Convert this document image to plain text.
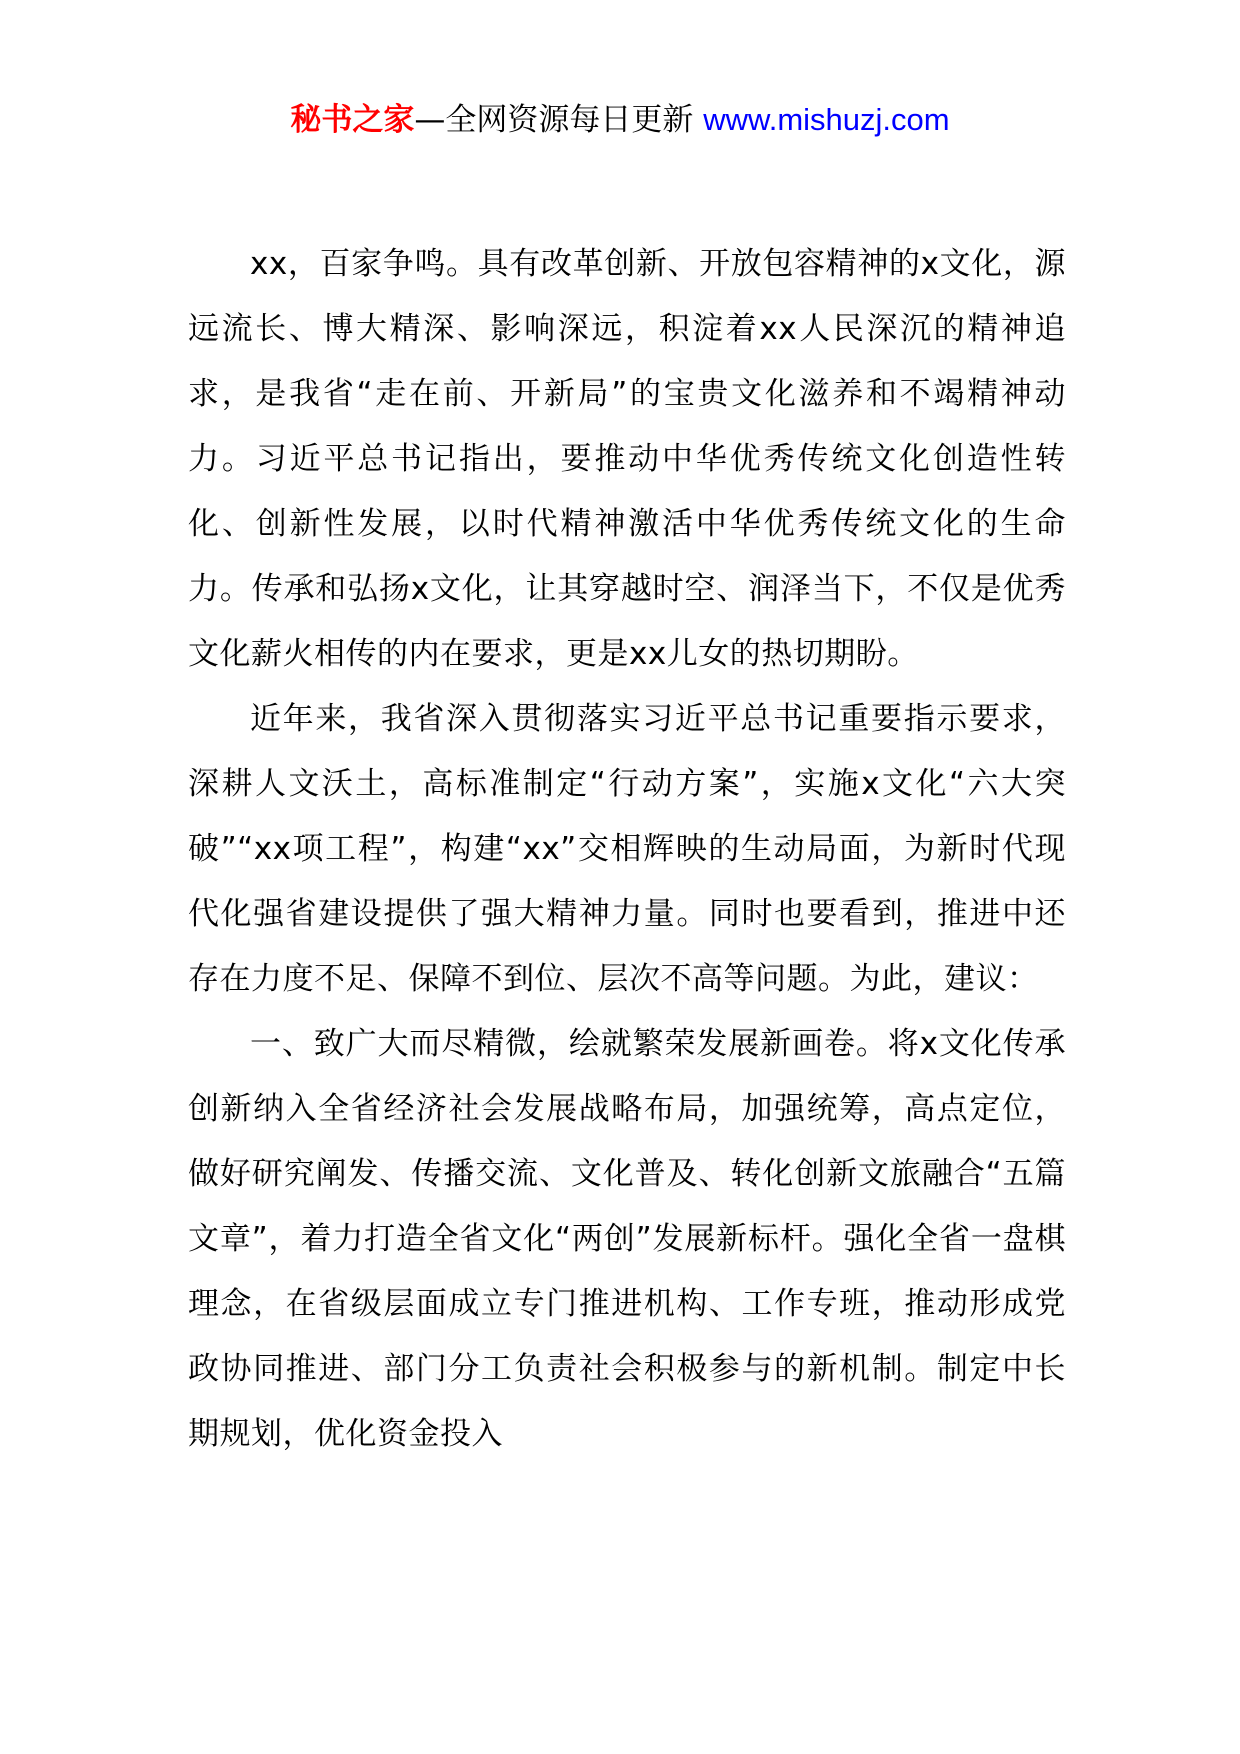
秘书之家—全网资源每日更新 www.mishuzj.com

xx，百家争鸣。具有改革创新、开放包容精神的x文化，源远流长、博大精深、影响深远，积淀着xx人民深沉的精神追求，是我省“走在前、开新局”的宝贵文化滋养和不竭精神动力。习近平总书记指出，要推动中华优秀传统文化创造性转化、创新性发展，以时代精神激活中华优秀传统文化的生命力。传承和弘扬x文化，让其穿越时空、润泽当下，不仅是优秀文化薪火相传的内在要求，更是xx儿女的热切期盼。

近年来，我省深入贯彻落实习近平总书记重要指示要求，深耕人文沃土，高标准制定“行动方案”，实施x文化“六大突破”“xx项工程”，构建“xx”交相辉映的生动局面，为新时代现代化强省建设提供了强大精神力量。同时也要看到，推进中还存在力度不足、保障不到位、层次不高等问题。为此，建议：

一、致广大而尽精微，绘就繁荣发展新画卷。将x文化传承创新纳入全省经济社会发展战略布局，加强统筹，高点定位，做好研究阐发、传播交流、文化普及、转化创新文旅融合“五篇文章”，着力打造全省文化“两创”发展新标杆。强化全省一盘棋理念，在省级层面成立专门推进机构、工作专班，推动形成党政协同推进、部门分工负责社会积极参与的新机制。制定中长期规划，优化资金投入
